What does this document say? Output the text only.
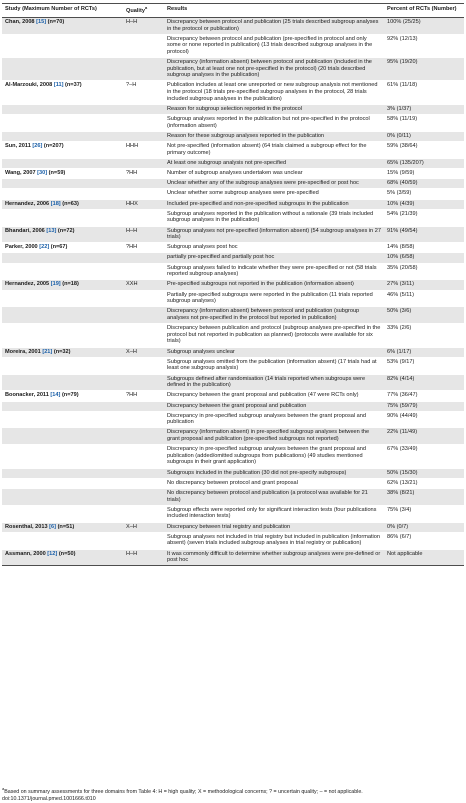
Study (Maximum Number of RCTs)	Quality$^a$	Results	Percent of RCTs (Number)
Chan, 2008 [15] (n=70)	H–H	Discrepancy between protocol and publication (25 trials described subgroup analyses in the protocol or publication)	100% (25/25)
		Discrepancy between protocol and publication (pre-specified in protocol and only some or none reported in publication) (13 trials described subgroup analyses in the protocol)	92% (12/13)
		Discrepancy (information absent) between protocol and publication (included in the publication, but at least one not pre-specified in the protocol) (20 trials described subgroup analyses in the publication)	95% (19/20)
Al-Marzouki, 2008 [11] (n=37)	?–H	Publication includes at least one unreported or new subgroup analysis not mentioned in the protocol (18 trials pre-specified subgroup analyses in the protocol, 28 trials included subgroup analyses in the publication)	61% (11/18)
		Reason for subgroup selection reported in the protocol	3% (1/37)
		Subgroup analyses reported in the publication but not pre-specified in the protocol (information absent)	58% (11/19)
		Reason for these subgroup analyses reported in the publication	0% (0/11)
Sun, 2011 [26] (n=207)	HHH	Not pre-specified (information absent) (64 trials claimed a subgroup effect for the primary outcome)	59% (38/64)
		At least one subgroup analysis not pre-specified	65% (135/207)
Wang, 2007 [30] (n=59)	?HH	Number of subgroup analyses undertaken was unclear	15% (9/59)
		Unclear whether any of the subgroup analyses were pre-specified or post hoc	68% (40/59)
		Unclear whether some subgroup analyses were pre-specified	5% (3/59)
Hernandez, 2006 [18] (n=63)	HHX	Included pre-specified and non-pre-specified subgroups in the publication	10% (4/39)
		Subgroup analyses reported in the publication without a rationale (39 trials included subgroup analyses in the publication)	54% (21/39)
Bhandari, 2006 [13] (n=72)	H–H	Subgroup analyses not pre-specified (information absent) (54 subgroup analyses in 27 trials)	91% (49/54)
Parker, 2000 [22] (n=67)	?HH	Subgroup analyses post hoc	14% (8/58)
		partially pre-specified and partially post hoc	10% (6/58)
		Subgroup analyses failed to indicate whether they were pre-specified or not (58 trials reported subgroup analyses)	35% (20/58)
Hernandez, 2005 [19] (n=18)	XXH	Pre-specified subgroups not reported in the publication (information absent)	27% (3/11)
		Partially pre-specified subgroups were reported in the publication (11 trials reported subgroup analyses)	46% (5/11)
		Discrepancy (information absent) between protocol and publication (subgroup analyses not pre-specified in the protocol but reported in publication)	50% (3/6)
		Discrepancy between publication and protocol (subgroup analyses pre-specified in the protocol but not reported in publication as planned) (protocols were available for six trials)	33% (2/6)
Moreira, 2001 [21] (n=32)	X–H	Subgroup analyses unclear	6% (1/17)
		Subgroup analyses omitted from the publication (information absent) (17 trials had at least one subgroup analysis)	53% (9/17)
		Subgroups defined after randomisation (14 trials reported when subgroups were defined in the publication)	82% (4/14)
Boonacker, 2011 [14] (n=79)	?HH	Discrepancy between the grant proposal and publication (47 were RCTs only)	77% (36/47)
		Discrepancy between the grant proposal and publication	75% (59/79)
		Discrepancy in pre-specified subgroup analyses between the grant proposal and publication	90% (44/49)
		Discrepancy (information absent) in pre-specified subgroup analyses between the grant proposal and publication (pre-specified subgroups not reported)	22% (11/49)
		Discrepancy in pre-specified subgroup analyses between the grant proposal and publication (added/omitted subgroups from publications) (49 studies mentioned subgroups in their grant application)	67% (33/49)
		Subgroups included in the publication (30 did not pre-specify subgroups)	50% (15/30)
		No discrepancy between protocol and grant proposal	62% (13/21)
		No discrepancy between protocol and publication (a protocol was available for 21 trials)	38% (8/21)
		Subgroup effects were reported only for significant interaction tests (four publications included interaction tests)	75% (3/4)
Rosenthal, 2013 [6] (n=51)	X–H	Discrepancy between trial registry and publication	0% (0/7)
		Subgroup analyses not included in trial registry but included in publication (information absent) (seven trials included subgroup analyses in trial registry or publication)	86% (6/7)
Assmann, 2000 [12] (n=50)	H–H	It was commonly difficult to determine whether subgroup analyses were pre-defined or post hoc	Not applicable
$^a$Based on summary assessments for three domains from Table 4: H = high quality; X = methodological concerns; ? = uncertain quality; – = not applicable.
doi:10.1371/journal.pmed.1001666.t010
